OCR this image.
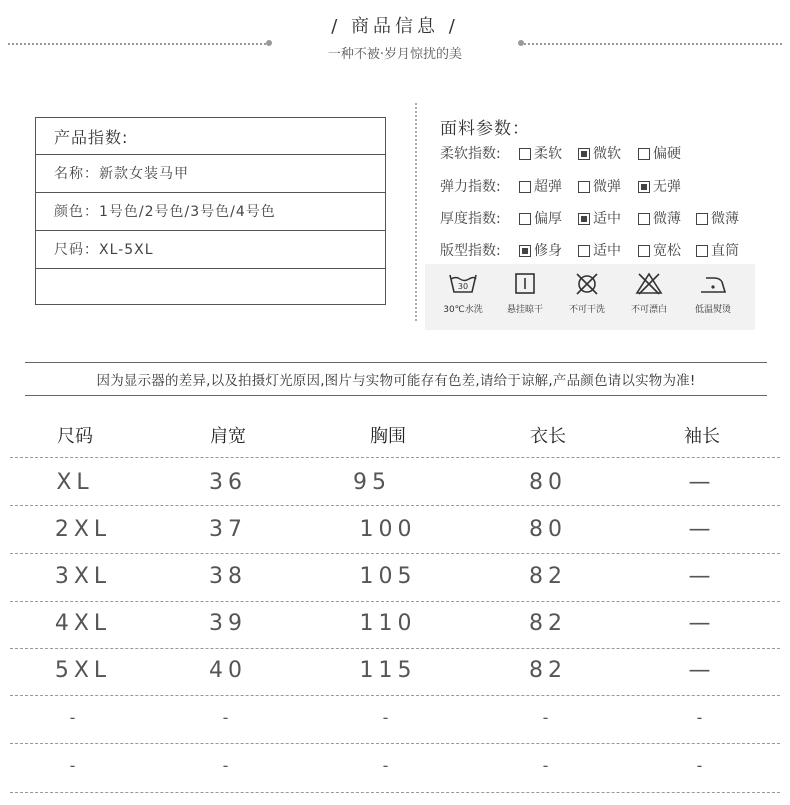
/ 商品信息 /
一种不被·岁月惊扰的美
产品指数:
名称：新款女装马甲
颜色：1号色/2号色/3号色/4号色
尺码：XL-5XL
面料参数：
柔软指数:	柔软	微软	偏硬
弹力指数:	超弹	微弹	无弹
厚度指数:	偏厚	适中	微薄	微薄
版型指数:	修身	适中	宽松	直筒
30
30℃水洗	悬挂晾干	不可干洗	不可漂白	低温熨烫
因为显示器的差异,以及拍摄灯光原因,图片与实物可能存有色差,请给于谅解,产品颜色请以实物为准!
尺码	肩宽	胸围	衣长	袖长
XL	36	95	80	—
2XL	37	100	80	—
3XL	38	105	82	—
4XL	39	110	82	—
5XL	40	115	82	—
-	-	-	-	-
-	-	-	-	-
